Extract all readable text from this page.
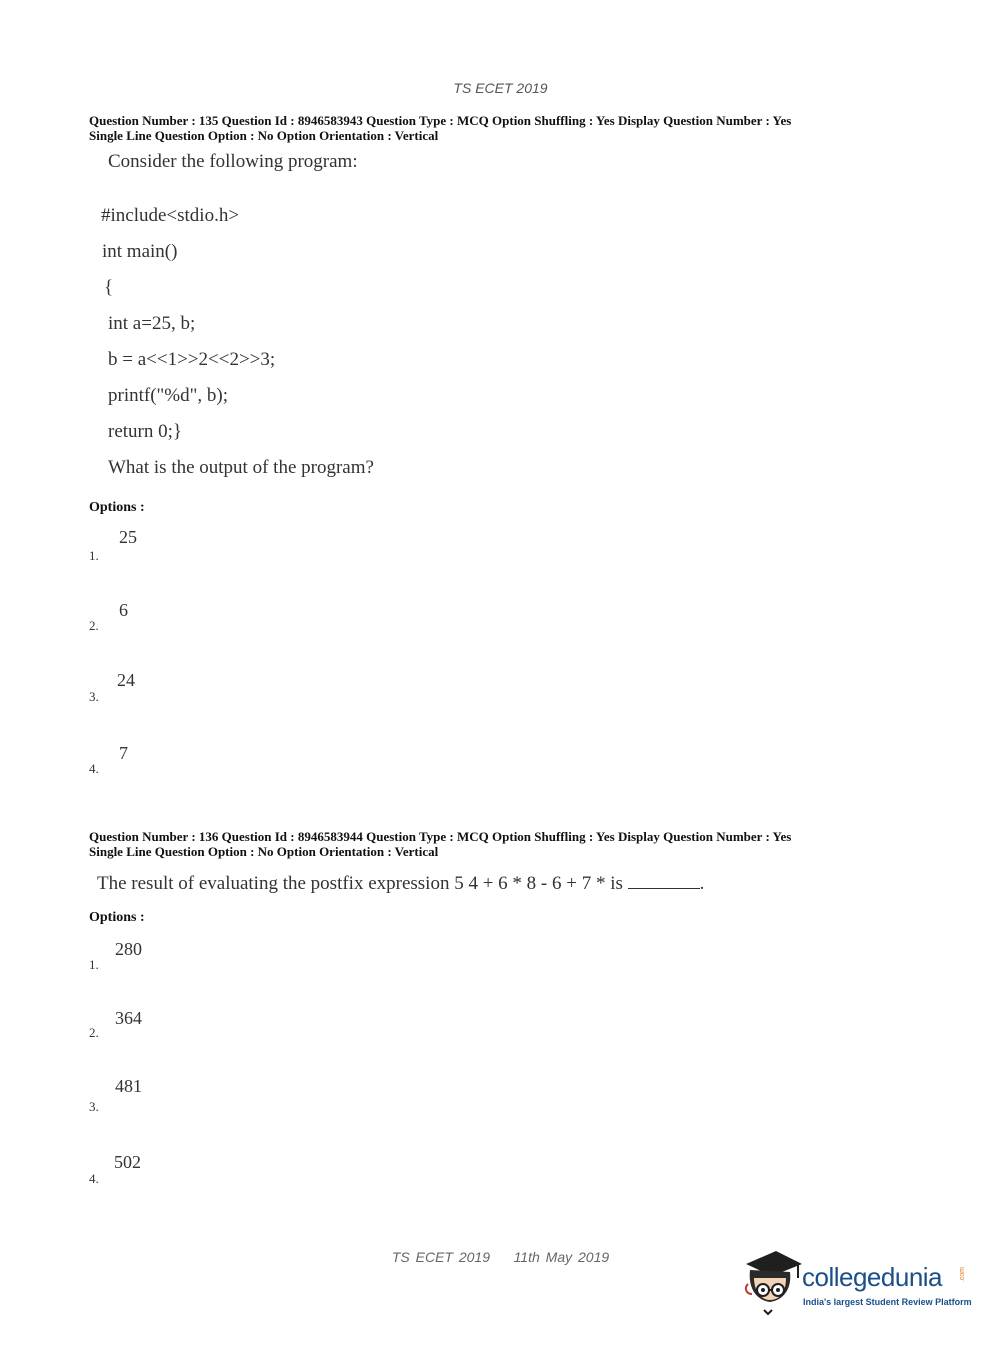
TS ECET 2019
Question Number : 135 Question Id : 8946583943 Question Type : MCQ Option Shuffling : Yes Display Question Number : Yes
Single Line Question Option : No Option Orientation : Vertical
Consider the following program:
#include<stdio.h>
int main()
{
int a=25, b;
b = a<<1>>2<<2>>3;
printf("%d", b);
return 0;}
What is the output of the program?
Options :
25
1.
6
2.
24
3.
7
4.
Question Number : 136 Question Id : 8946583944 Question Type : MCQ Option Shuffling : Yes Display Question Number : Yes
Single Line Question Option : No Option Orientation : Vertical
The result of evaluating the postfix expression 5 4 + 6 * 8 - 6 + 7 * is	.
Options :
280
1.
364
2.
481
3.
502
4.
TS ECET 2019 11th May 2019
collegedunia .com
India's largest Student Review Platform
